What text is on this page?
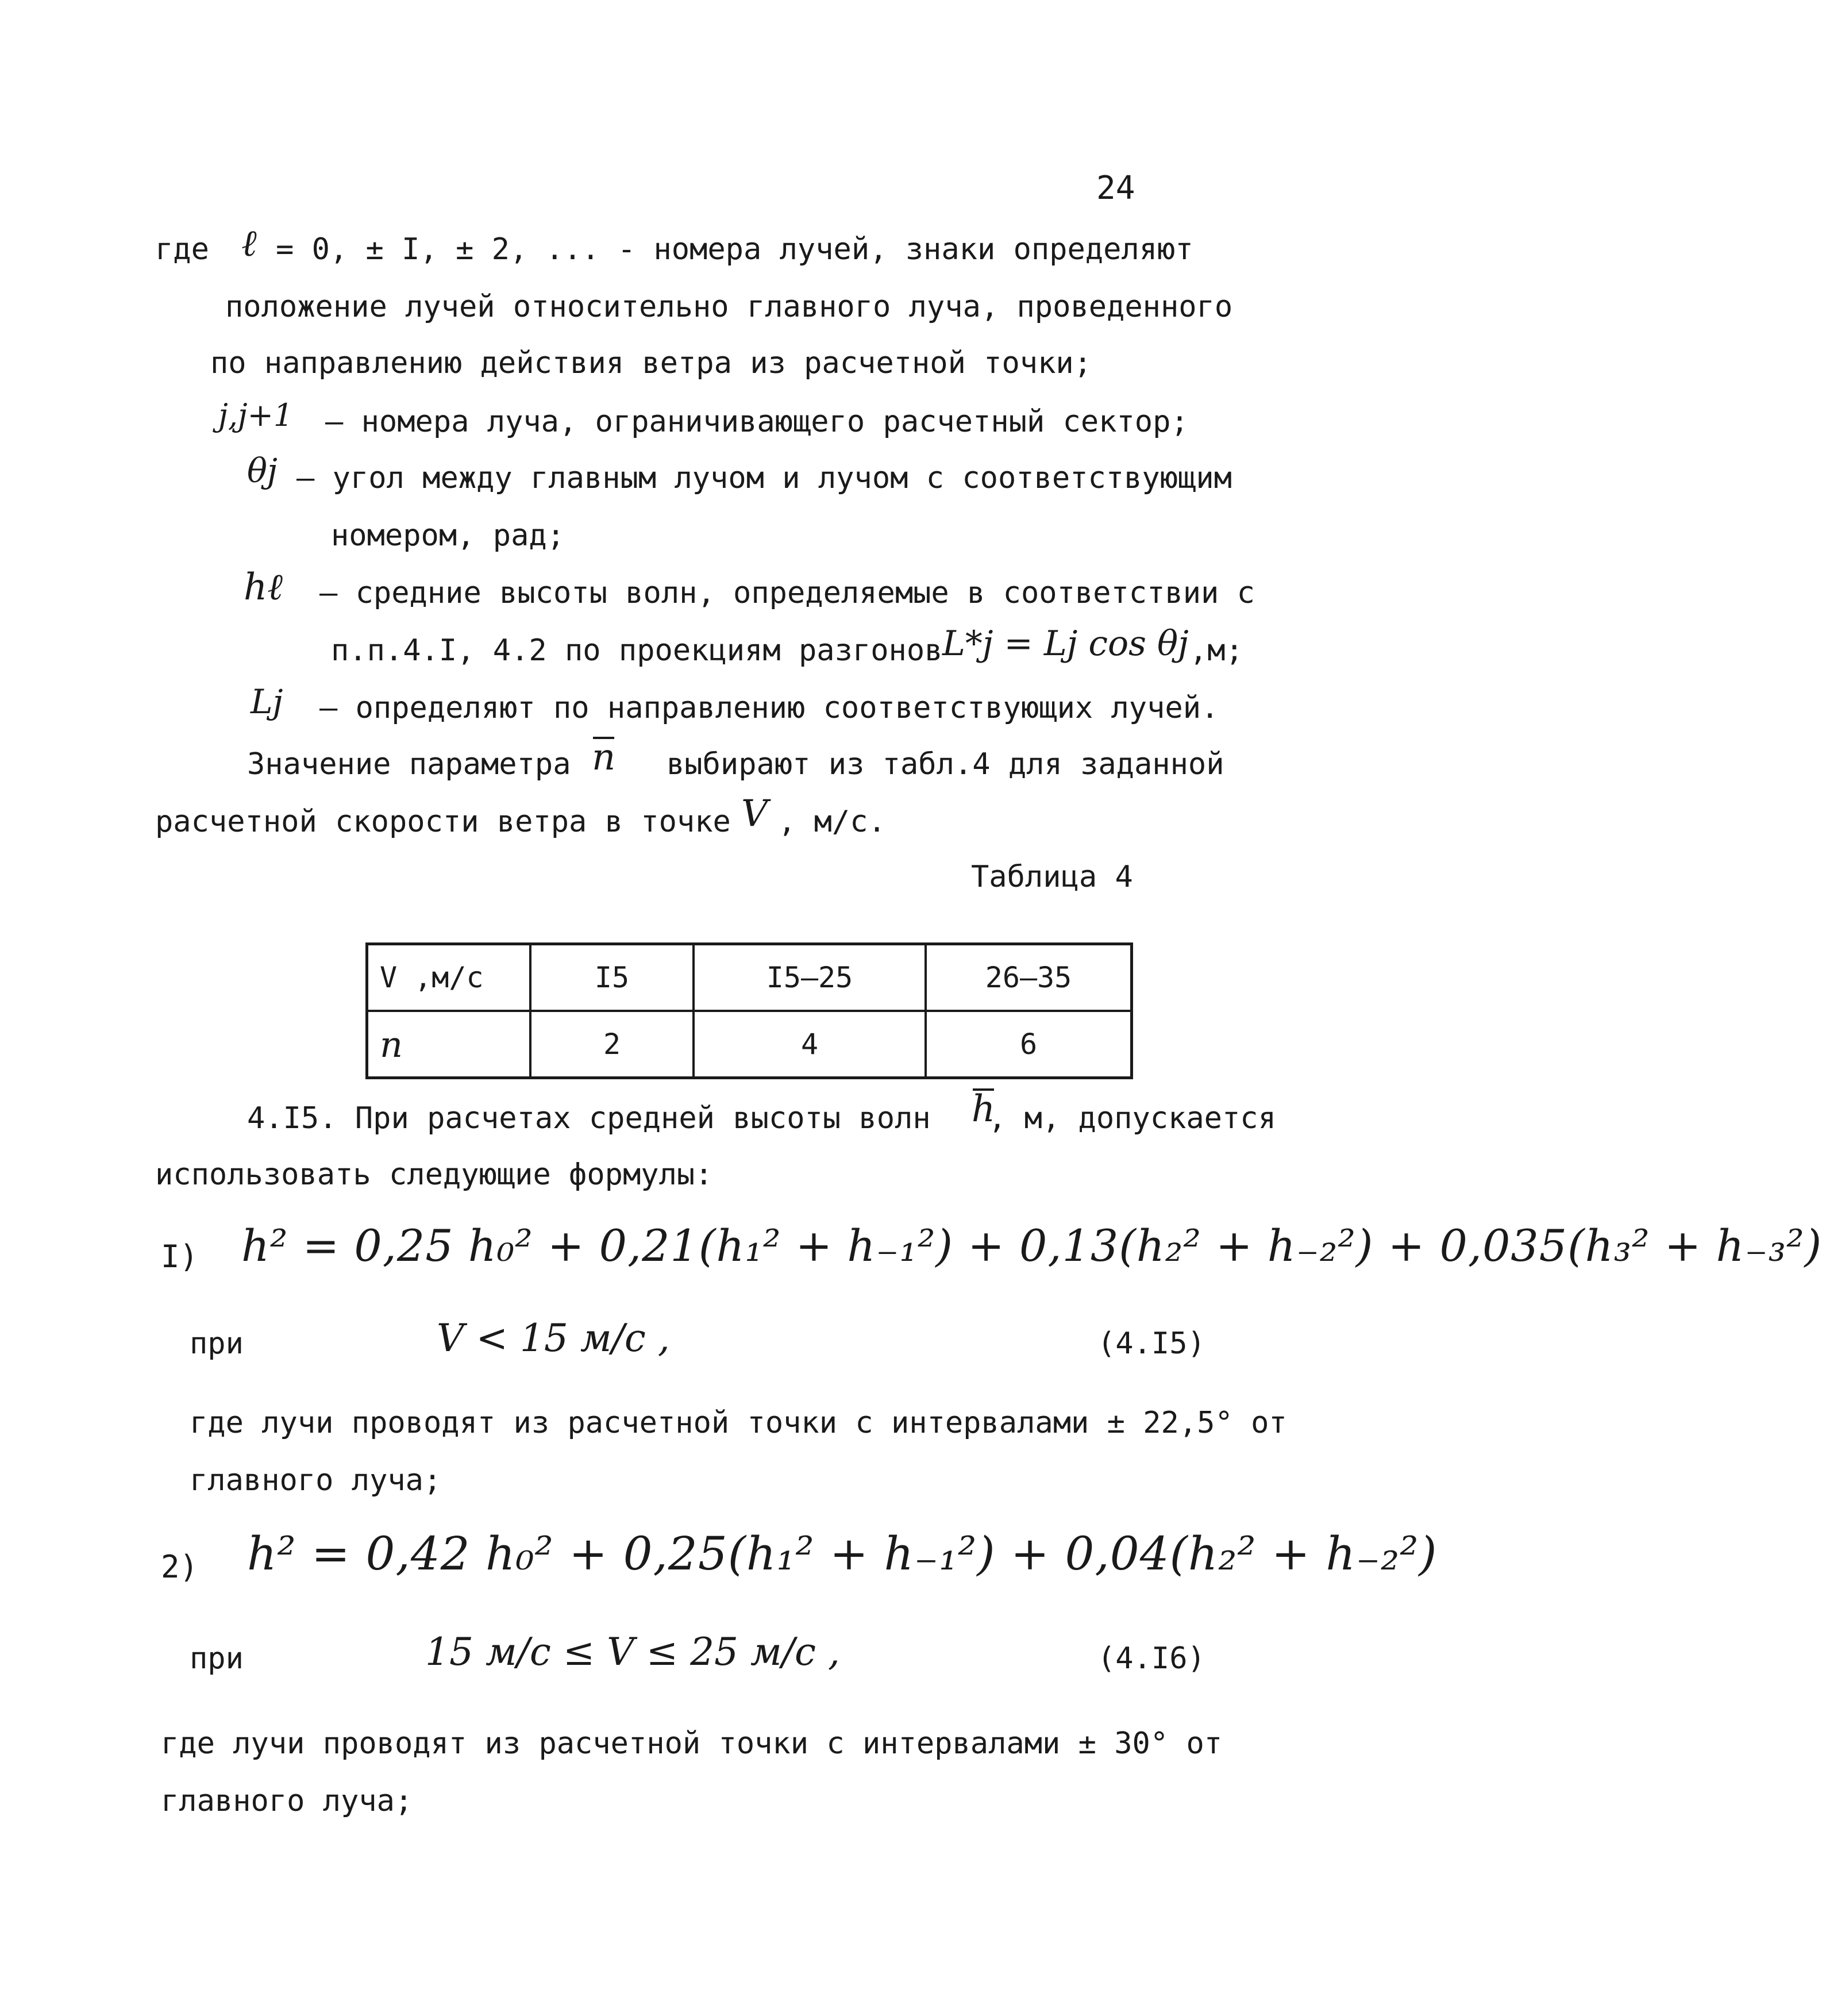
24
где ℓ = 0, ± I, ± 2, ... - номера лучей, знаки определяют
положение лучей относительно главного луча, проведенного
по направлению действия ветра из расчетной точки;
j,j+1 – номера луча, ограничивающего расчетный сектор;
θj – угол между главным лучом и лучом с соответствующим
номером, рад;
hℓ – средние высоты волн, определяемые в соответствии с
п.п.4.I, 4.2 по проекциям разгонов L*j = Lj cos θj ,м;
Lj – определяют по направлению соответствующих лучей.
Значение параметра n выбирают из табл.4 для заданной
расчетной скорости ветра в точке V , м/с.
Таблица 4
V ,м/с	I5	I5–25	26–35
n	2	4	6
4.I5. При расчетах средней высоты волн h
, м, допускается
использовать следующие формулы:
I) h² = 0,25 h₀² + 0,21(h₁² + h₋₁²) + 0,13(h₂² + h₋₂²) + 0,035(h₃² + h₋₃²)
при	V < 15 м/с ,	(4.I5)
где лучи проводят из расчетной точки с интервалами ± 22,5° от
главного луча;
2) h² = 0,42 h₀² + 0,25(h₁² + h₋₁²) + 0,04(h₂² + h₋₂²)
при	15 м/с ≤ V ≤ 25 м/с ,	(4.I6)
где лучи проводят из расчетной точки с интервалами ± 30° от
главного луча;
